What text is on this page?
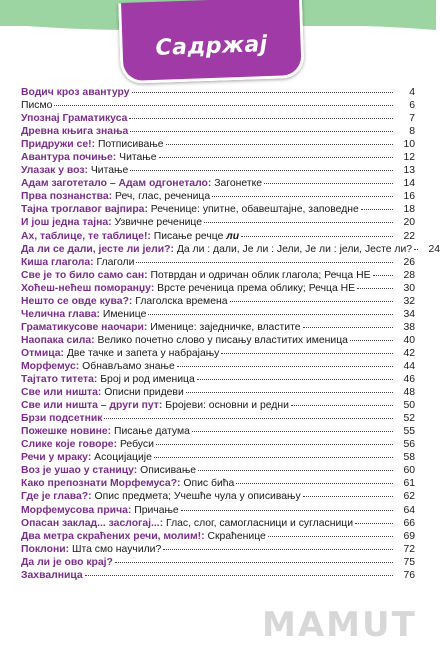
Садржај
Водич кроз авантуру	4
Писмо	6
Упознај Граматикуса	7
Древна књига знања	8
Придружи се!: Потписивање	10
Авантура почиње: Читање	12
Улазак у воз: Читање	13
Адам заготетало – Адам одгонетало: Загонетке	14
Прва познанства: Реч, глас, реченица	16
Тајна троглавог вајпира: Реченице: упитне, обавештајне, заповедне	18
И још једна тајна: Узвичне реченице	20
Ах, таблице, те таблице!: Писање речце ли	22
Да ли се дали, јесте ли јели?: Да ли : дали, Је ли : Јели, Је ли : јели, Јесте ли?	24
Киша глагола: Глаголи	26
Све је то било само сан: Потврдан и одричан облик глагола; Речца НЕ	28
Хоћеш-нећеш поморанџу: Врсте реченица према облику; Речца НЕ	30
Нешто се овде кува?: Глаголска времена	32
Челична глава: Именице	34
Граматикусове наочари: Именице: заједничке, властите	38
Наопака сила: Велико почетно слово у писању властитих именица	40
Отмица: Две тачке и запета у набрајању	42
Морфемус: Обнављамо знање	44
Тајтато титета: Број и род именица	46
Све или ништа: Описни придеви	48
Све или ништа – други пут: Бројеви: основни и редни	50
Брзи подсетник	52
Пожешке новине: Писање датума	55
Слике које говоре: Ребуси	56
Речи у мраку: Асоцијације	58
Воз је ушао у станицу: Описивање	60
Како препознати Морфемуса?: Опис бића	61
Где је глава?: Опис предмета; Учешће чула у описивању	62
Морфемусова прича: Причање	64
Опасан заклад... заслогај...: Глас, слог, самогласници и сугласници	66
Два метра скраћених речи, молим!: Скраћенице	69
Поклони: Шта смо научили?	72
Да ли је ово крај?	75
Захвалница	76
MAMUT
